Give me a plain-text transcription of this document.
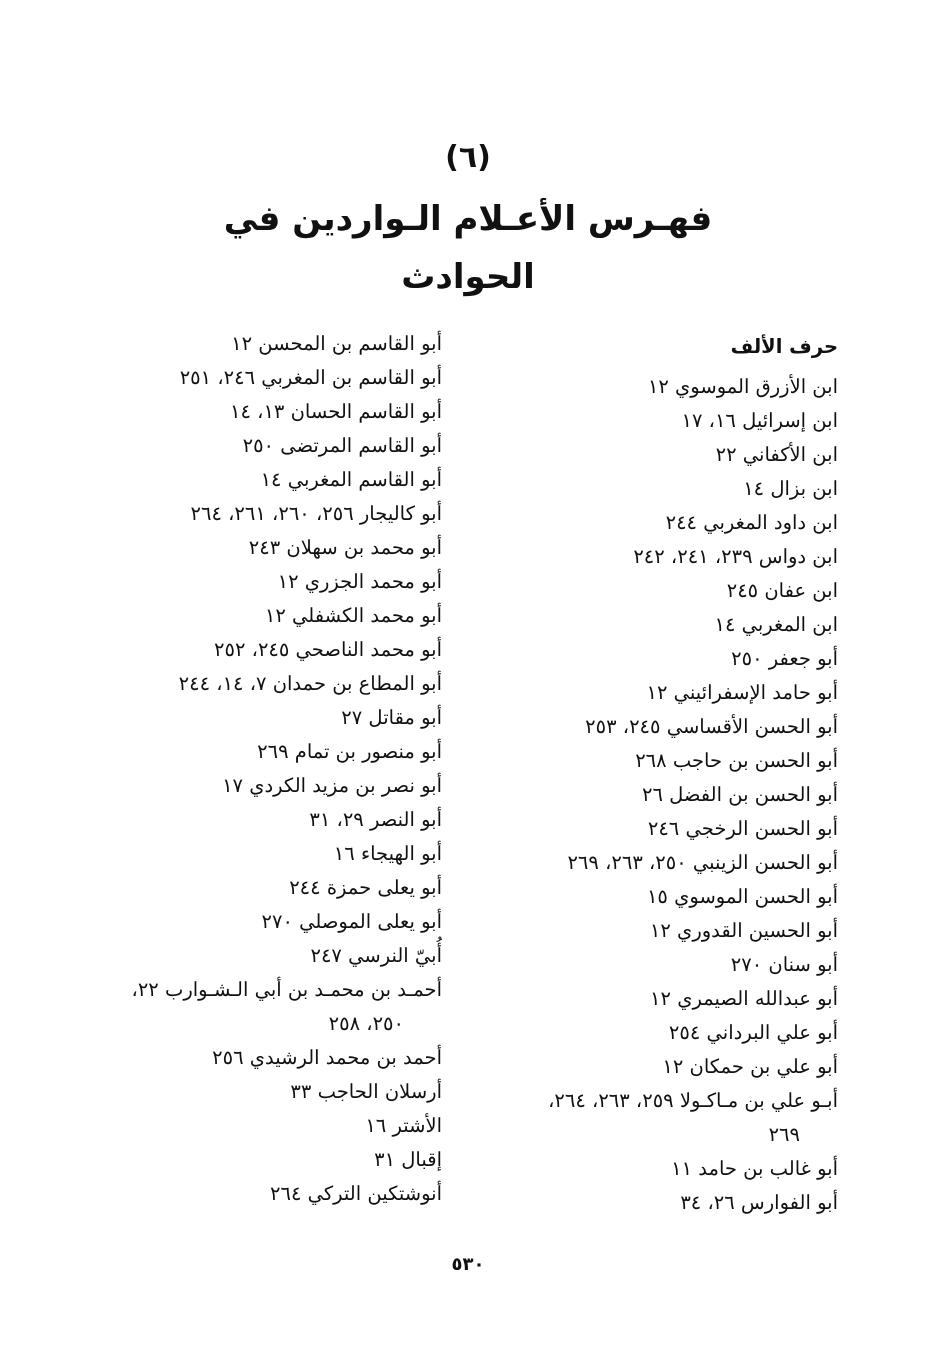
(٦)
فهـرس الأعـلام الـواردين في
الحوادث
حرف الألف
ابن الأزرق الموسوي ١٢
ابن إسرائيل ١٦، ١٧
ابن الأكفاني ٢٢
ابن بزال ١٤
ابن داود المغربي ٢٤٤
ابن دواس ٢٣٩، ٢٤١، ٢٤٢
ابن عفان ٢٤٥
ابن المغربي ١٤
أبو جعفر ٢٥٠
أبو حامد الإسفرائيني ١٢
أبو الحسن الأقساسي ٢٤٥، ٢٥٣
أبو الحسن بن حاجب ٢٦٨
أبو الحسن بن الفضل ٢٦
أبو الحسن الرخجي ٢٤٦
أبو الحسن الزينبي ٢٥٠، ٢٦٣، ٢٦٩
أبو الحسن الموسوي ١٥
أبو الحسين القدوري ١٢
أبو سنان ٢٧٠
أبو عبدالله الصيمري ١٢
أبو علي البرداني ٢٥٤
أبو علي بن حمكان ١٢
أبـو علي بن مـاكـولا ٢٥٩، ٢٦٣، ٢٦٤،
٢٦٩
أبو غالب بن حامد ١١
أبو الفوارس ٢٦، ٣٤
أبو القاسم بن المحسن ١٢
أبو القاسم بن المغربي ٢٤٦، ٢٥١
أبو القاسم الحسان ١٣، ١٤
أبو القاسم المرتضى ٢٥٠
أبو القاسم المغربي ١٤
أبو كاليجار ٢٥٦، ٢٦٠، ٢٦١، ٢٦٤
أبو محمد بن سهلان ٢٤٣
أبو محمد الجزري ١٢
أبو محمد الكشفلي ١٢
أبو محمد الناصحي ٢٤٥، ٢٥٢
أبو المطاع بن حمدان ٧، ١٤، ٢٤٤
أبو مقاتل ٢٧
أبو منصور بن تمام ٢٦٩
أبو نصر بن مزيد الكردي ١٧
أبو النصر ٢٩، ٣١
أبو الهيجاء ١٦
أبو يعلى حمزة ٢٤٤
أبو يعلى الموصلي ٢٧٠
أُبيّ النرسي ٢٤٧
أحمـد بن محمـد بن أبي الـشـوارب ٢٢،
٢٥٠، ٢٥٨
أحمد بن محمد الرشيدي ٢٥٦
أرسلان الحاجب ٣٣
الأشتر ١٦
إقبال ٣١
أنوشتكين التركي ٢٦٤
٥٣٠
